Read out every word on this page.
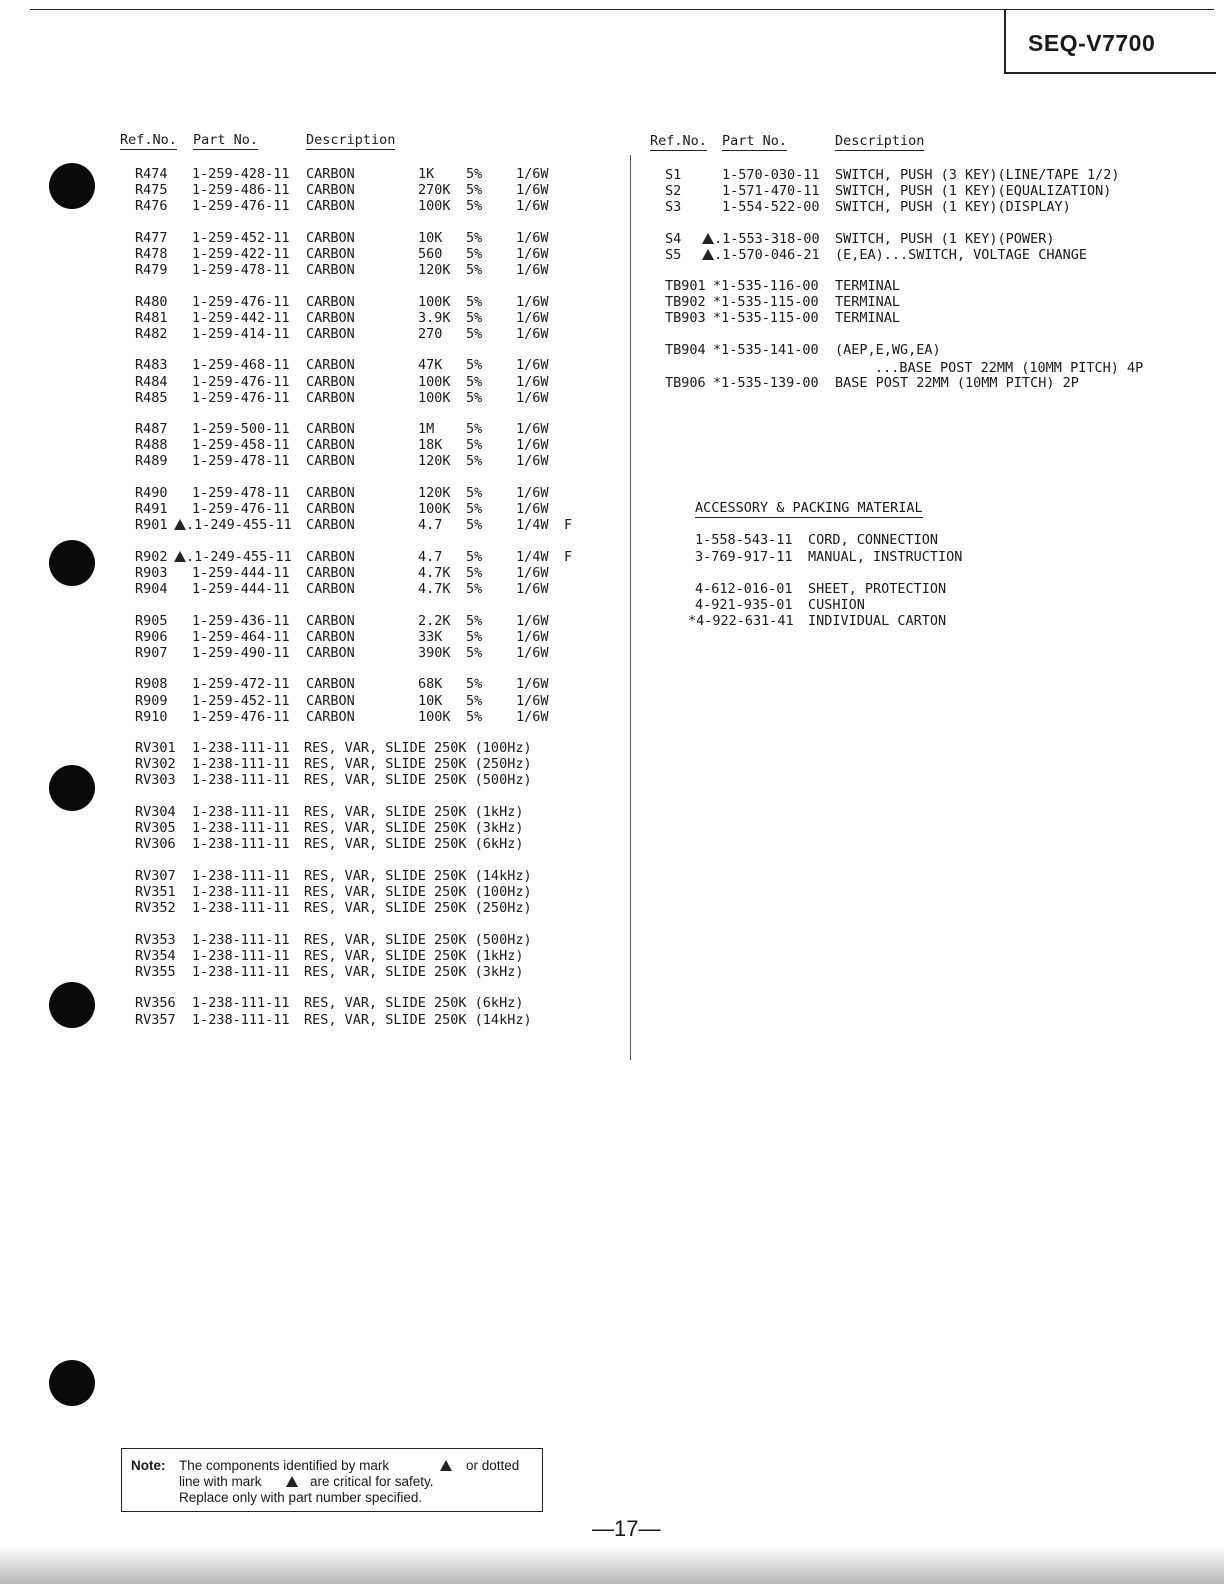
SEQ-V7700
Ref.No. Part No.	Description	Ref.No. Part No.	Description
R474 1-259-428-11 CARBON	1K 5% 1/6W
R475 1-259-486-11 CARBON	270K 5% 1/6W
R476 1-259-476-11 CARBON	100K 5% 1/6W
R477 1-259-452-11 CARBON	10K 5% 1/6W
R478 1-259-422-11 CARBON	560 5% 1/6W
R479 1-259-478-11 CARBON	120K 5% 1/6W
R480 1-259-476-11 CARBON	100K 5% 1/6W
R481 1-259-442-11 CARBON	3.9K 5% 1/6W
R482 1-259-414-11 CARBON	270 5% 1/6W
R483 1-259-468-11 CARBON	47K 5% 1/6W
R484 1-259-476-11 CARBON	100K 5% 1/6W
R485 1-259-476-11 CARBON	100K 5% 1/6W
R487 1-259-500-11 CARBON	1M 5% 1/6W
R488 1-259-458-11 CARBON	18K 5% 1/6W
R489 1-259-478-11 CARBON	120K 5% 1/6W
R490 1-259-478-11 CARBON	120K 5% 1/6W
R491 1-259-476-11 CARBON	100K 5% 1/6W
R901 .1-249-455-11 CARBON	4.7 5% 1/4W F
R902 .1-249-455-11 CARBON	4.7 5% 1/4W F
R903 1-259-444-11 CARBON	4.7K 5% 1/6W
R904 1-259-444-11 CARBON	4.7K 5% 1/6W
R905 1-259-436-11 CARBON	2.2K 5% 1/6W
R906 1-259-464-11 CARBON	33K 5% 1/6W
R907 1-259-490-11 CARBON	390K 5% 1/6W
R908 1-259-472-11 CARBON	68K 5% 1/6W
R909 1-259-452-11 CARBON	10K 5% 1/6W
R910 1-259-476-11 CARBON	100K 5% 1/6W
RV301 1-238-111-11 RES, VAR, SLIDE 250K (100Hz)
RV302 1-238-111-11 RES, VAR, SLIDE 250K (250Hz)
RV303 1-238-111-11 RES, VAR, SLIDE 250K (500Hz)
RV304 1-238-111-11 RES, VAR, SLIDE 250K (1kHz)
RV305 1-238-111-11 RES, VAR, SLIDE 250K (3kHz)
RV306 1-238-111-11 RES, VAR, SLIDE 250K (6kHz)
RV307 1-238-111-11 RES, VAR, SLIDE 250K (14kHz)
RV351 1-238-111-11 RES, VAR, SLIDE 250K (100Hz)
RV352 1-238-111-11 RES, VAR, SLIDE 250K (250Hz)
RV353 1-238-111-11 RES, VAR, SLIDE 250K (500Hz)
RV354 1-238-111-11 RES, VAR, SLIDE 250K (1kHz)
RV355 1-238-111-11 RES, VAR, SLIDE 250K (3kHz)
RV356 1-238-111-11 RES, VAR, SLIDE 250K (6kHz)
RV357 1-238-111-11 RES, VAR, SLIDE 250K (14kHz)
S1	1-570-030-11 SWITCH, PUSH (3 KEY)(LINE/TAPE 1/2)
S2	1-571-470-11 SWITCH, PUSH (1 KEY)(EQUALIZATION)
S3	1-554-522-00 SWITCH, PUSH (1 KEY)(DISPLAY)
S4 .1-553-318-00 SWITCH, PUSH (1 KEY)(POWER)
S5 .1-570-046-21 (E,EA)...SWITCH, VOLTAGE CHANGE
TB901 *1-535-116-00 TERMINAL
TB902 *1-535-115-00 TERMINAL
TB903 *1-535-115-00 TERMINAL
TB904 *1-535-141-00 (AEP,E,WG,EA)
...BASE POST 22MM (10MM PITCH) 4P
TB906 *1-535-139-00 BASE POST 22MM (10MM PITCH) 2P
ACCESSORY & PACKING MATERIAL
1-558-543-11 CORD, CONNECTION
3-769-917-11 MANUAL, INSTRUCTION
4-612-016-01 SHEET, PROTECTION
4-921-935-01 CUSHION
*4-922-631-41 INDIVIDUAL CARTON
Note: The components identified by mark	or dotted
line with mark	are critical for safety.
Replace only with part number specified.
—17—
